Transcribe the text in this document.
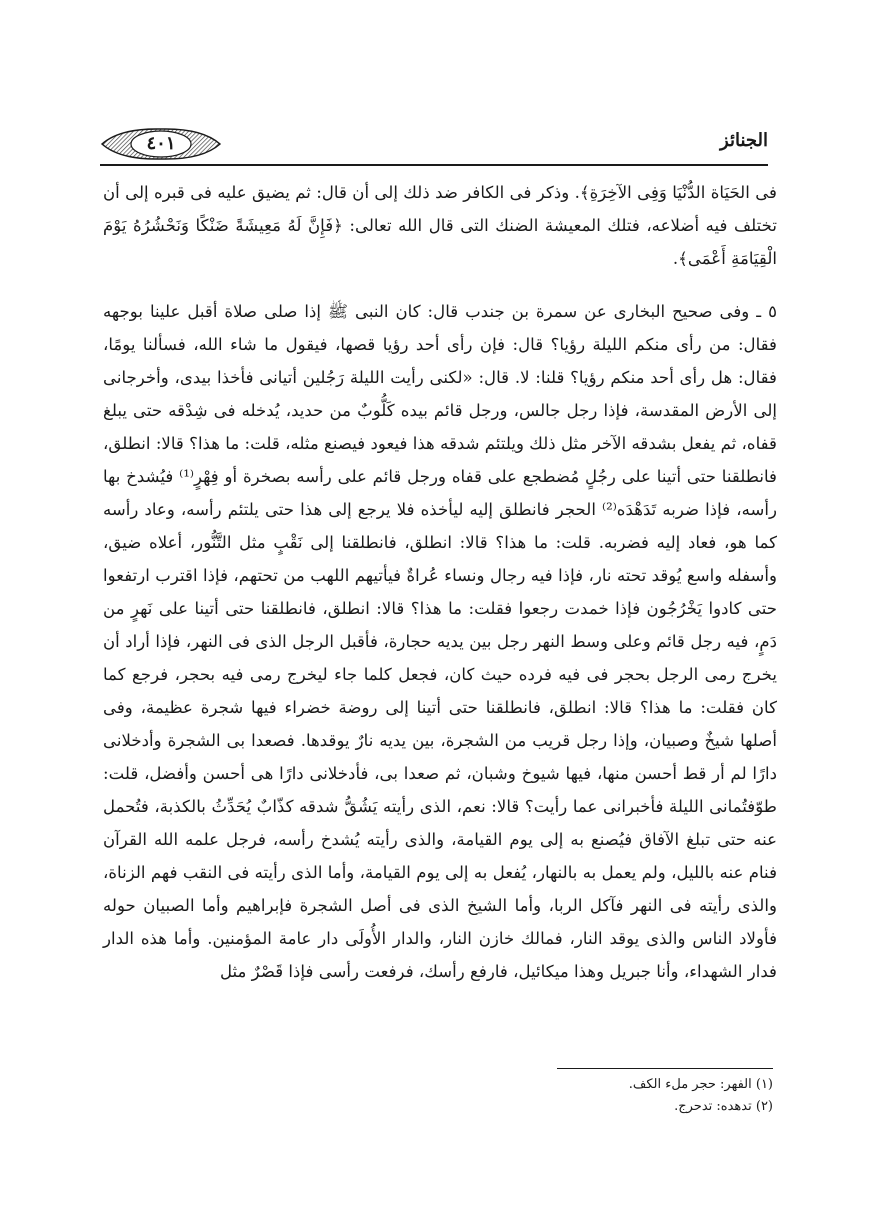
٤٠١	الجنائز

فى الحَيَاة الدُّنْيَا وَفِى الآخِرَةِ﴾. وذكر فى الكافر ضد ذلك إلى أن قال: ثم يضيق عليه فى قبره إلى أن تختلف فيه أضلاعه، فتلك المعيشة الضنك التى قال الله تعالى: ﴿فَإِنَّ لَهُ مَعِيشَةً ضَنْكًا وَنَحْشُرُهُ يَوْمَ الْقِيَامَةِ أَعْمَى﴾.

٥ ـ وفى صحيح البخارى عن سمرة بن جندب قال: كان النبى ﷺ إذا صلى صلاة أقبل علينا بوجهه فقال: من رأى منكم الليلة رؤيا؟ قال: فإن رأى أحد رؤيا قصها، فيقول ما شاء الله، فسألنا يومًا، فقال: هل رأى أحد منكم رؤيا؟ قلنا: لا. قال: «لكنى رأيت الليلة رَجُلين أتيانى فأخذا بيدى، وأخرجانى إلى الأرض المقدسة، فإذا رجل جالس، ورجل قائم بيده كَلُّوبٌ من حديد، يُدخله فى شِدْقه حتى يبلغ قفاه، ثم يفعل بشدقه الآخر مثل ذلك ويلتئم شدقه هذا فيعود فيصنع مثله، قلت: ما هذا؟ قالا: انطلق، فانطلقنا حتى أتينا على رجُلٍ مُضطجع على قفاه ورجل قائم على رأسه بصخرة أو فِهْرٍ⁽¹⁾ فيُشدخ بها رأسه، فإذا ضربه تَدَهْدَه⁽²⁾ الحجر فانطلق إليه ليأخذه فلا يرجع إلى هذا حتى يلتئم رأسه، وعاد رأسه كما هو، فعاد إليه فضربه. قلت: ما هذا؟ قالا: انطلق، فانطلقنا إلى نَقْبٍ مثل التَّنُّور، أعلاه ضيق، وأسفله واسع يُوقد تحته نار، فإذا فيه رجال ونساء عُراةٌ فيأتيهم اللهب من تحتهم، فإذا اقترب ارتفعوا حتى كادوا يَخْرُجُون فإذا خمدت رجعوا فقلت: ما هذا؟ قالا: انطلق، فانطلقنا حتى أتينا على نَهرٍ من دَمٍ، فيه رجل قائم وعلى وسط النهر رجل بين يديه حجارة، فأقبل الرجل الذى فى النهر، فإذا أراد أن يخرج رمى الرجل بحجر فى فيه فرده حيث كان، فجعل كلما جاء ليخرج رمى فيه بحجر، فرجع كما كان فقلت: ما هذا؟ قالا: انطلق، فانطلقنا حتى أتينا إلى روضة خضراء فيها شجرة عظيمة، وفى أصلها شيخٌ وصبيان، وإذا رجل قريب من الشجرة، بين يديه نارٌ يوقدها. فصعدا بى الشجرة وأدخلانى دارًا لم أر قط أحسن منها، فيها شيوخ وشبان، ثم صعدا بى، فأدخلانى دارًا هى أحسن وأفضل، قلت: طوّفتُمانى الليلة فأخبرانى عما رأيت؟ قالا: نعم، الذى رأيته يَشُقُّ شدقه كذّابٌ يُحَدِّثُ بالكذبة، فتُحمل عنه حتى تبلغ الآفاق فيُصنع به إلى يوم القيامة، والذى رأيته يُشدخ رأسه، فرجل علمه الله القرآن فنام عنه بالليل، ولم يعمل به بالنهار، يُفعل به إلى يوم القيامة، وأما الذى رأيته فى النقب فهم الزناة، والذى رأيته فى النهر فآكل الربا، وأما الشيخ الذى فى أصل الشجرة فإبراهيم وأما الصبيان حوله فأولاد الناس والذى يوقد النار، فمالك خازن النار، والدار الأُولَى دار عامة المؤمنين. وأما هذه الدار فدار الشهداء، وأنا جبريل وهذا ميكائيل، فارفع رأسك، فرفعت رأسى فإذا قَصْرٌ مثل

(١) الفهر: حجر ملء الكف.

(٢) تدهده: تدحرج.
